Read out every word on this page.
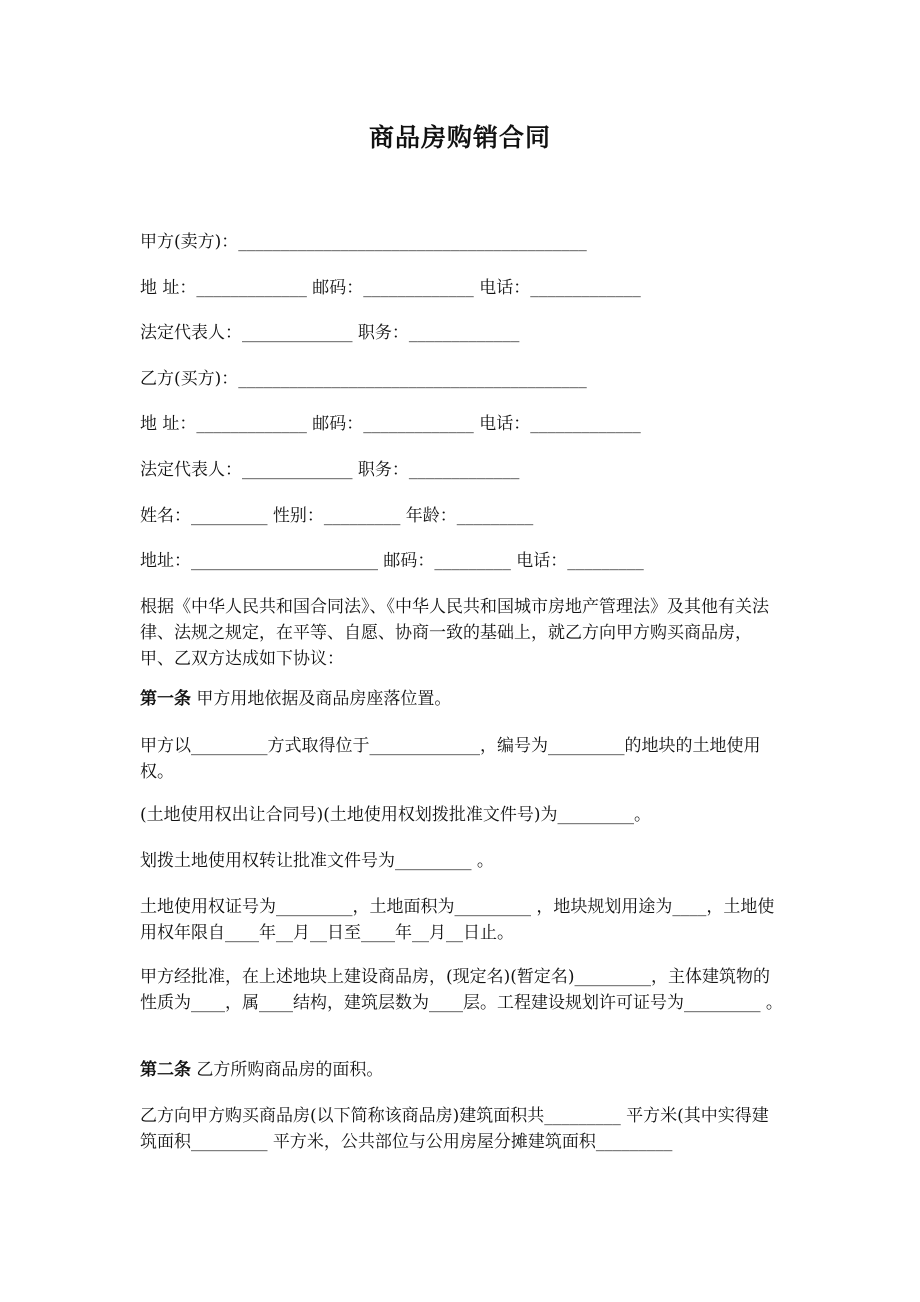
商品房购销合同
甲方(卖方)：_________________________________________
地 址：_____________ 邮码：_____________ 电话：_____________
法定代表人：_____________ 职务：_____________
乙方(买方)：_________________________________________
地 址：_____________ 邮码：_____________ 电话：_____________
法定代表人：_____________ 职务：_____________
姓名：_________ 性别：_________ 年龄：_________
地址：______________________ 邮码：_________ 电话：_________
根据《中华人民共和国合同法》、《中华人民共和国城市房地产管理法》及其他有关法律、法规之规定，在平等、自愿、协商一致的基础上，就乙方向甲方购买商品房，甲、乙双方达成如下协议：
第一条 甲方用地依据及商品房座落位置。
甲方以_________方式取得位于_____________，编号为_________的地块的土地使用权。
(土地使用权出让合同号)(土地使用权划拨批准文件号)为_________。
划拨土地使用权转让批准文件号为_________ 。
土地使用权证号为_________，土地面积为_________ ，地块规划用途为____，土地使用权年限自____年__月__日至____年__月__日止。
甲方经批准，在上述地块上建设商品房，(现定名)(暂定名)_________，主体建筑物的性质为____，属____结构，建筑层数为____层。工程建设规划许可证号为_________ 。
第二条 乙方所购商品房的面积。
乙方向甲方购买商品房(以下简称该商品房)建筑面积共_________ 平方米(其中实得建筑面积_________ 平方米，公共部位与公用房屋分摊建筑面积_________
